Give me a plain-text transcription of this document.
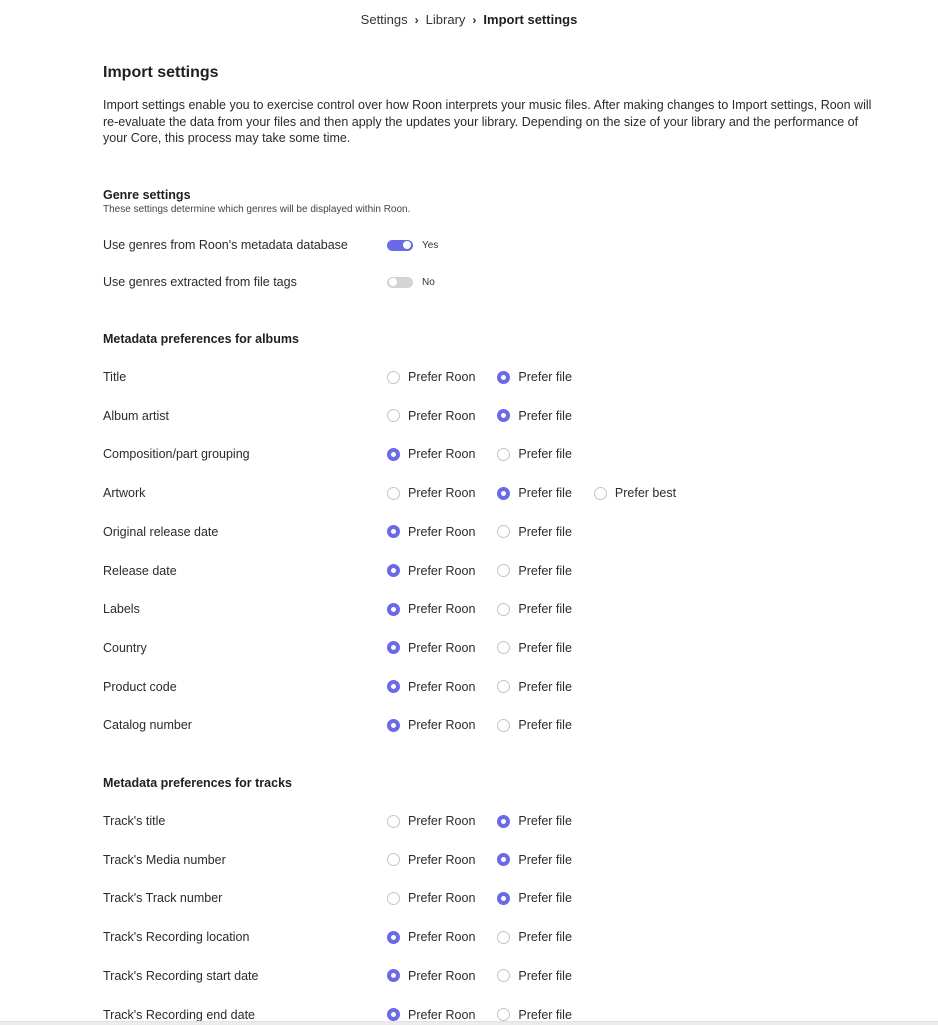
Settings › Library › Import settings
Import settings

Import settings enable you to exercise control over how Roon interprets your music files. After making changes to Import settings, Roon will re-evaluate the data from your files and then apply the updates your library. Depending on the size of your library and the performance of your Core, this process may take some time.

Genre settings
These settings determine which genres will be displayed within Roon.
Use genres from Roon's metadata database	Yes
Use genres extracted from file tags	No
Metadata preferences for albums
Title	Prefer Roon	Prefer file
Album artist	Prefer Roon	Prefer file
Composition/part grouping	Prefer Roon	Prefer file
Artwork	Prefer Roon	Prefer file	Prefer best
Original release date	Prefer Roon	Prefer file
Release date	Prefer Roon	Prefer file
Labels	Prefer Roon	Prefer file
Country	Prefer Roon	Prefer file
Product code	Prefer Roon	Prefer file
Catalog number	Prefer Roon	Prefer file
Metadata preferences for tracks
Track's title	Prefer Roon	Prefer file
Track's Media number	Prefer Roon	Prefer file
Track's Track number	Prefer Roon	Prefer file
Track's Recording location	Prefer Roon	Prefer file
Track's Recording start date	Prefer Roon	Prefer file
Track's Recording end date	Prefer Roon	Prefer file
